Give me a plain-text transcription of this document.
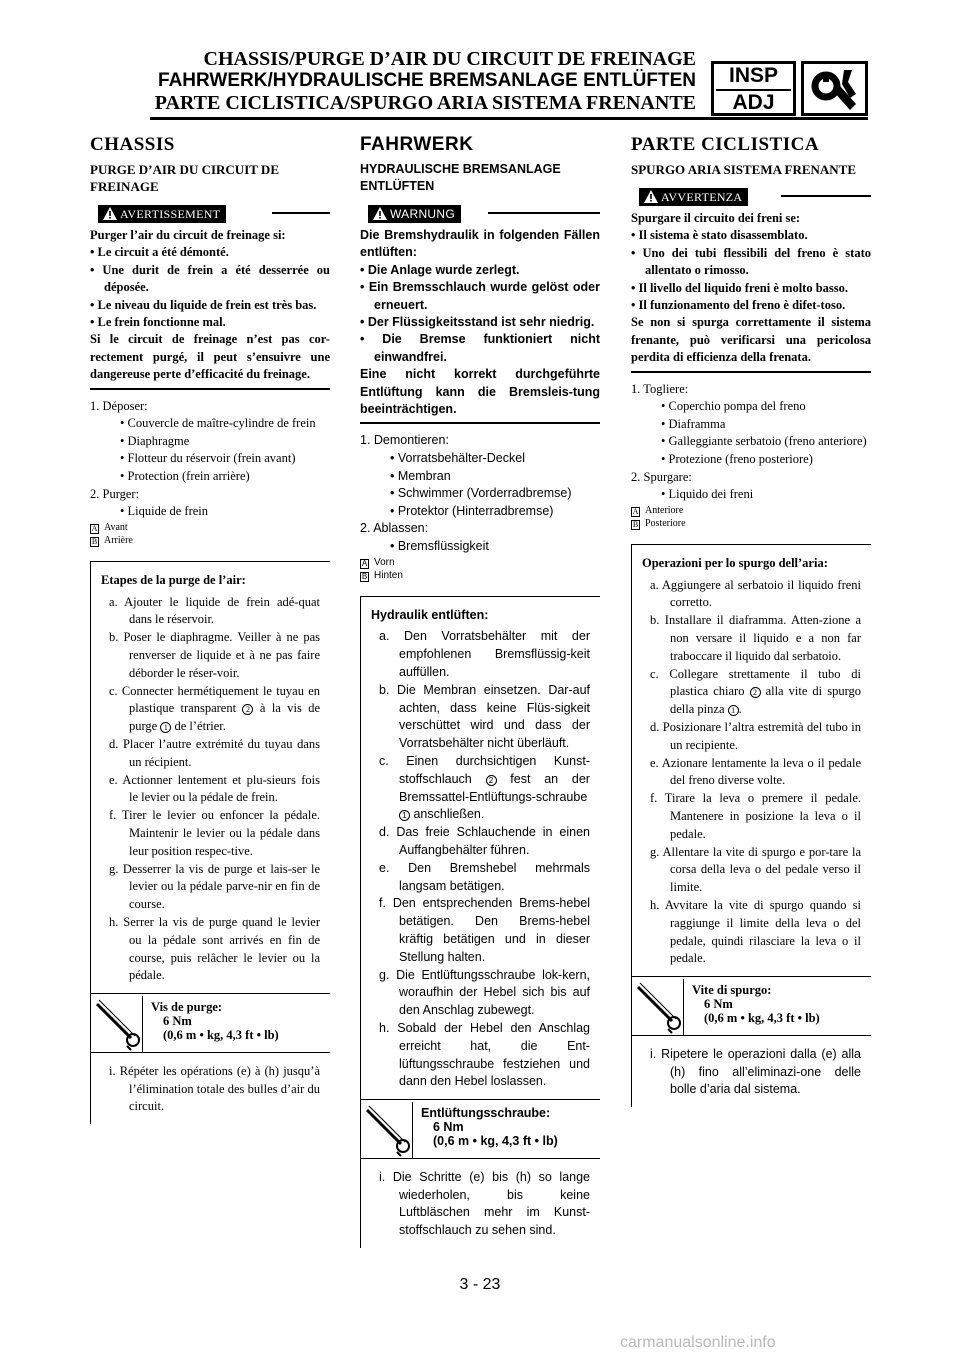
CHASSIS/PURGE D’AIR DU CIRCUIT DE FREINAGE
FAHRWERK/HYDRAULISCHE BREMSANLAGE ENTLÜFTEN
PARTE CICLISTICA/SPURGO ARIA SISTEMA FRENANTE
INSP
ADJ
CHASSIS
PURGE D’AIR DU CIRCUIT DE FREINAGE
AVERTISSEMENT

Purger l’air du circuit de freinage si:

• Le circuit a été démonté.

• Une durit de frein a été desserrée ou déposée.

• Le niveau du liquide de frein est très bas.

• Le frein fonctionne mal.

Si le circuit de freinage n’est pas cor-rectement purgé, il peut s’ensuivre une dangereuse perte d’efficacité du freinage.

1. Déposer:
• Couvercle de maître-cylindre de frein
• Diaphragme
• Flotteur du réservoir (frein avant)
• Protection (frein arrière)
2. Purger:
• Liquide de frein
A Avant
B Arrière
Etapes de la purge de l’air:
a. Ajouter le liquide de frein adé-quat dans le réservoir.
b. Poser le diaphragme. Veiller à ne pas renverser de liquide et à ne pas faire déborder le réser-voir.
c. Connecter hermétiquement le tuyau en plastique transparent 2 à la vis de purge 1 de l’étrier.
d. Placer l’autre extrémité du tuyau dans un récipient.
e. Actionner lentement et plu-sieurs fois le levier ou la pédale de frein.
f. Tirer le levier ou enfoncer la pédale. Maintenir le levier ou la pédale dans leur position respec-tive.
g. Desserrer la vis de purge et lais-ser le levier ou la pédale parve-nir en fin de course.
h. Serrer la vis de purge quand le levier ou la pédale sont arrivés en fin de course, puis relâcher le levier ou la pédale.
Vis de purge:
6 Nm
(0,6 m • kg, 4,3 ft • lb)
i. Répéter les opérations (e) à (h) jusqu’à l’élimination totale des bulles d’air du circuit.
FAHRWERK
HYDRAULISCHE BREMSANLAGE ENTLÜFTEN
WARNUNG

Die Bremshydraulik in folgenden Fällen entlüften:

• Die Anlage wurde zerlegt.

• Ein Bremsschlauch wurde gelöst oder erneuert.

• Der Flüssigkeitsstand ist sehr niedrig.

• Die Bremse funktioniert nicht einwandfrei.

Eine nicht korrekt durchgeführte Entlüftung kann die Bremsleis-tung beeinträchtigen.

1. Demontieren:
• Vorratsbehälter-Deckel
• Membran
• Schwimmer (Vorderradbremse)
• Protektor (Hinterradbremse)
2. Ablassen:
• Bremsflüssigkeit
A Vorn
B Hinten
Hydraulik entlüften:
a. Den Vorratsbehälter mit der empfohlenen Bremsflüssig-keit auffüllen.
b. Die Membran einsetzen. Dar-auf achten, dass keine Flüs-sigkeit verschüttet wird und dass der Vorratsbehälter nicht überläuft.
c. Einen durchsichtigen Kunst-stoffschlauch 2 fest an der Bremssattel-Entlüftungs-schraube 1 anschließen.
d. Das freie Schlauchende in einen Auffangbehälter führen.
e. Den Bremshebel mehrmals langsam betätigen.
f. Den entsprechenden Brems-hebel betätigen. Den Brems-hebel kräftig betätigen und in dieser Stellung halten.
g. Die Entlüftungsschraube lok-kern, woraufhin der Hebel sich bis auf den Anschlag zubewegt.
h. Sobald der Hebel den Anschlag erreicht hat, die Ent-lüftungsschraube festziehen und dann den Hebel loslassen.
Entlüftungsschraube:
6 Nm
(0,6 m • kg, 4,3 ft • lb)
i. Die Schritte (e) bis (h) so lange wiederholen, bis keine Luftbläschen mehr im Kunst-stoffschlauch zu sehen sind.
PARTE CICLISTICA
SPURGO ARIA SISTEMA FRENANTE
AVVERTENZA

Spurgare il circuito dei freni se:

• Il sistema è stato disassemblato.

• Uno dei tubi flessibili del freno è stato allentato o rimosso.

• Il livello del liquido freni è molto basso.

• Il funzionamento del freno è difet-toso.

Se non si spurga correttamente il sistema frenante, può verificarsi una pericolosa perdita di efficienza della frenata.

1. Togliere:
• Coperchio pompa del freno
• Diaframma
• Galleggiante serbatoio (freno anteriore)
• Protezione (freno posteriore)
2. Spurgare:
• Liquido dei freni
A Anteriore
B Posteriore
Operazioni per lo spurgo dell’aria:
a. Aggiungere al serbatoio il liquido freni corretto.
b. Installare il diaframma. Atten-zione a non versare il liquido e a non far traboccare il liquido dal serbatoio.
c. Collegare strettamente il tubo di plastica chiaro 2 alla vite di spurgo della pinza 1 .
d. Posizionare l’altra estremità del tubo in un recipiente.
e. Azionare lentamente la leva o il pedale del freno diverse volte.
f. Tirare la leva o premere il pedale. Mantenere in posizione la leva o il pedale.
g. Allentare la vite di spurgo e por-tare la corsa della leva o del pedale verso il limite.
h. Avvitare la vite di spurgo quando si raggiunge il limite della leva o del pedale, quindi rilasciare la leva o il pedale.
Vite di spurgo:
6 Nm
(0,6 m • kg, 4,3 ft • lb)
i. Ripetere le operazioni dalla (e) alla (h) fino all’eliminazi-one delle bolle d’aria dal sistema.
3 - 23
carmanualsonline.info
